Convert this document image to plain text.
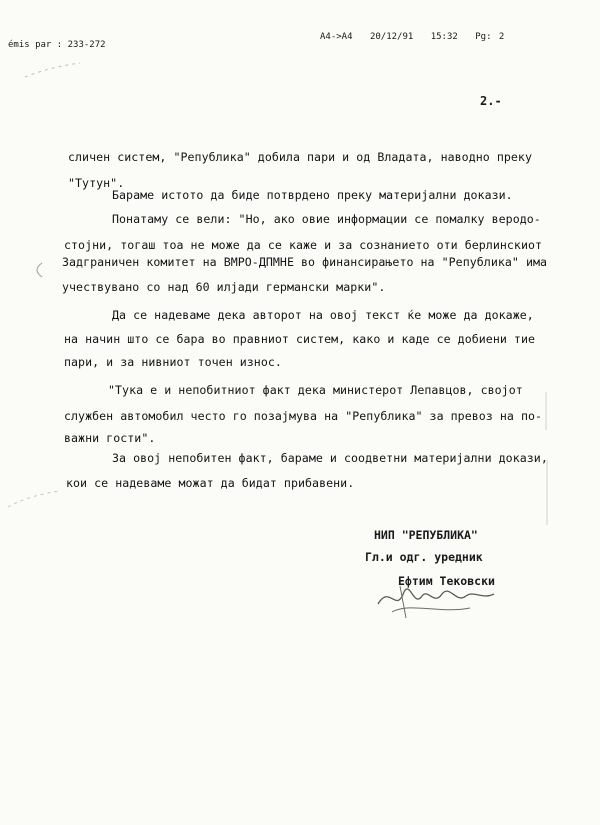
émis par : 233-272
A4->A4 20/12/91 15:32 Pg: 2
2.-
сличен систем, "Република" добила пари и од Владата, наводно преку
"Тутун".
Бараме истото да биде потврдено преку материјални докази.
Понатаму се вели: "Но, ако овие информации се помалку веродо-
стојни, тогаш тоа не може да се каже и за сознанието оти берлинскиот
Задграничен комитет на ВМРО-ДПМНЕ во финансирањето на "Република" има
учествувано со над 60 илјади германски марки".
Да се надеваме дека авторот на овој текст ќе може да докаже,
на начин што се бара во правниот систем, како и каде се добиени тие
пари, и за нивниот точен износ.
"Тука е и непобитниот факт дека министерот Лепавцов, својот
службен автомобил често го позајмува на "Република" за превоз на по-
важни гости".
За овој непобитен факт, бараме и соодветни материјални докази,
кои се надеваме можат да бидат прибавени.
НИП "РЕПУБЛИКА"
Гл.и одг. уредник
Ефтим Тековски
